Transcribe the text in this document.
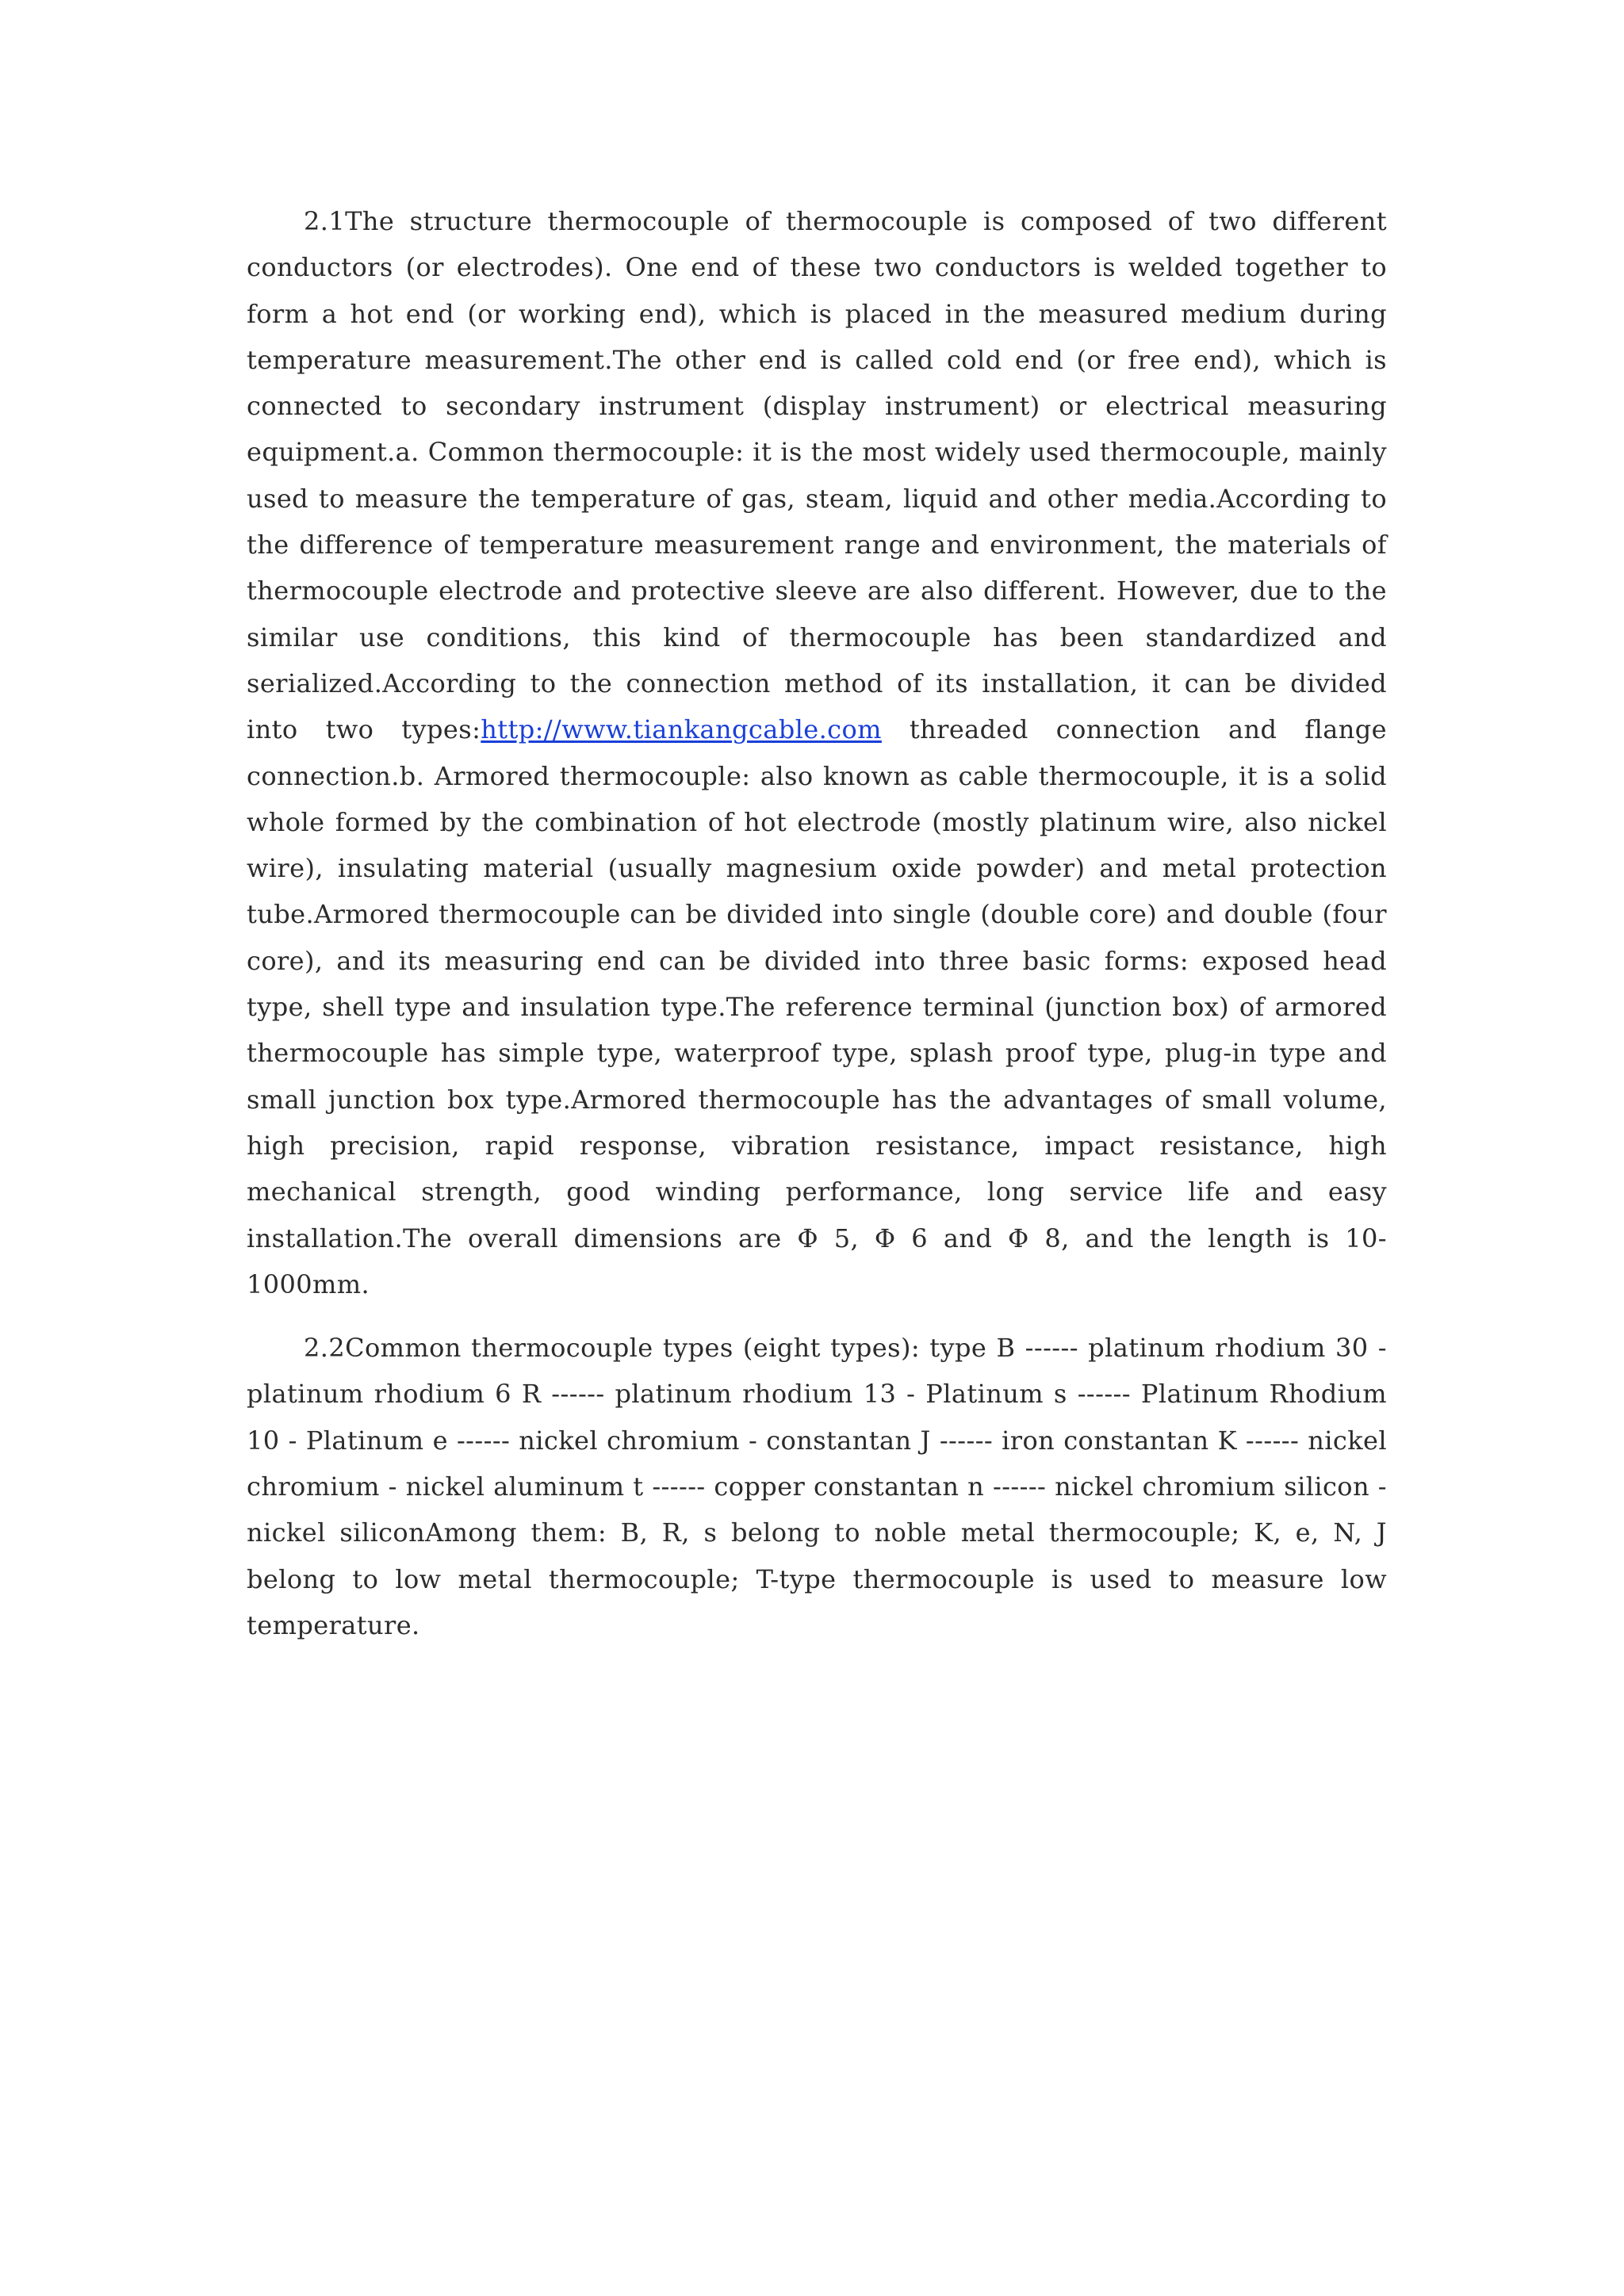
2.1The structure thermocouple of thermocouple is composed of two different conductors (or electrodes). One end of these two conductors is welded together to form a hot end (or working end), which is placed in the measured medium during temperature measurement.The other end is called cold end (or free end), which is connected to secondary instrument (display instrument) or electrical measuring equipment.a. Common thermocouple: it is the most widely used thermocouple, mainly used to measure the temperature of gas, steam, liquid and other media.According to the difference of temperature measurement range and environment, the materials of thermocouple electrode and protective sleeve are also different. However, due to the similar use conditions, this kind of thermocouple has been standardized and serialized.According to the connection method of its installation, it can be divided into two types:http://www.tiankangcable.com threaded connection and flange connection.b. Armored thermocouple: also known as cable thermocouple, it is a solid whole formed by the combination of hot electrode (mostly platinum wire, also nickel wire), insulating material (usually magnesium oxide powder) and metal protection tube.Armored thermocouple can be divided into single (double core) and double (four core), and its measuring end can be divided into three basic forms: exposed head type, shell type and insulation type.The reference terminal (junction box) of armored thermocouple has simple type, waterproof type, splash proof type, plug-in type and small junction box type.Armored thermocouple has the advantages of small volume, high precision, rapid response, vibration resistance, impact resistance, high mechanical strength, good winding performance, long service life and easy installation.The overall dimensions are Φ 5, Φ 6 and Φ 8, and the length is 10-1000mm.

2.2Common thermocouple types (eight types): type B ------ platinum rhodium 30 - platinum rhodium 6 R ------ platinum rhodium 13 - Platinum s ------ Platinum Rhodium 10 - Platinum e ------ nickel chromium - constantan J ------ iron constantan K ------ nickel chromium - nickel aluminum t ------ copper constantan n ------ nickel chromium silicon - nickel siliconAmong them: B, R, s belong to noble metal thermocouple; K, e, N, J belong to low metal thermocouple; T-type thermocouple is used to measure low temperature.
